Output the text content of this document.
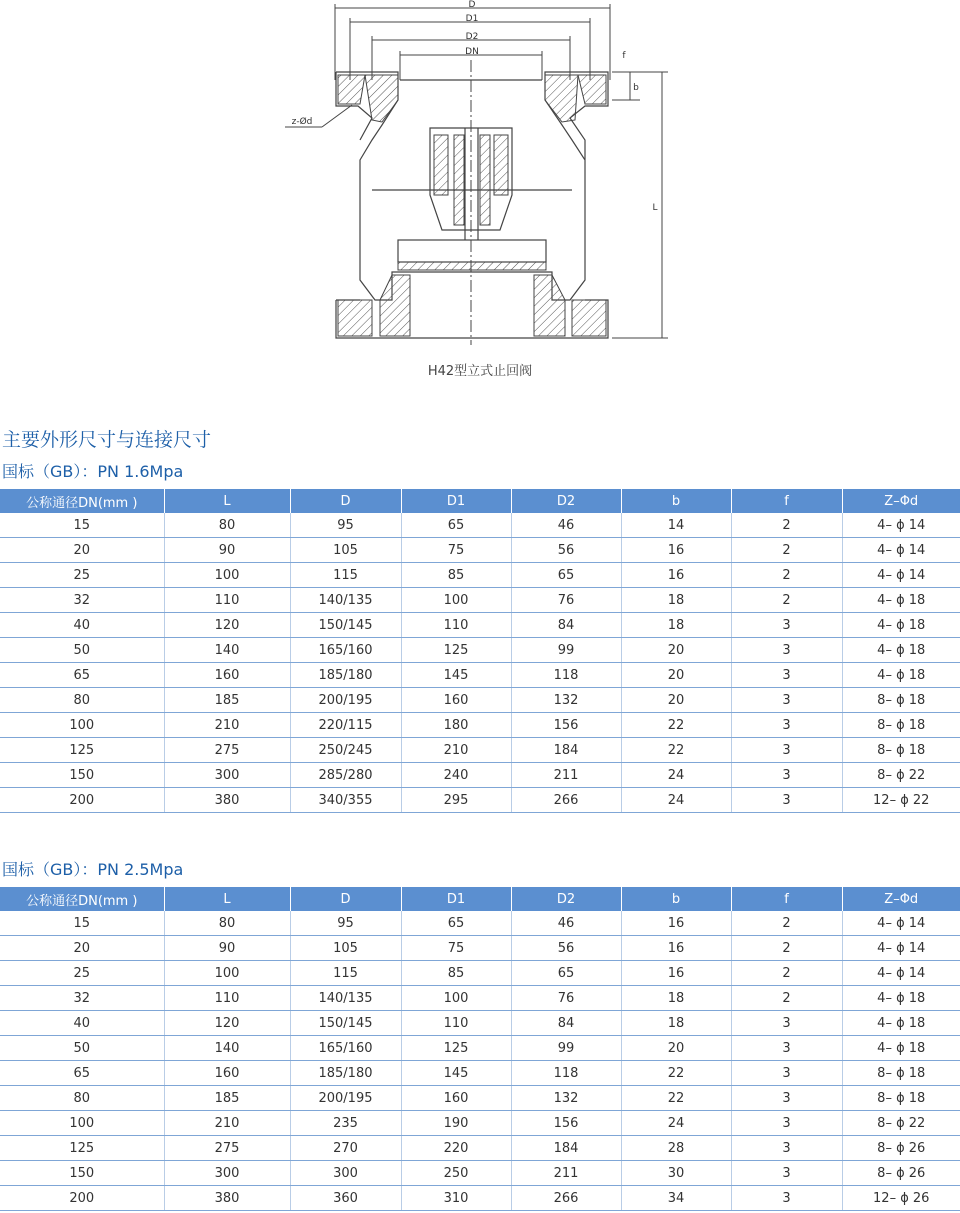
D
D1
D2
DN	f
b
L
z-Ød
H42型立式止回阀
主要外形尺寸与连接尺寸
国标（GB）：PN 1.6Mpa
公称通径DN(mm )	L	D	D1	D2	b	f	Z–Φd
15	80	95	65	46	14	2	4– ϕ 14
20	90	105	75	56	16	2	4– ϕ 14
25	100	115	85	65	16	2	4– ϕ 14
32	110	140/135	100	76	18	2	4– ϕ 18
40	120	150/145	110	84	18	3	4– ϕ 18
50	140	165/160	125	99	20	3	4– ϕ 18
65	160	185/180	145	118	20	3	4– ϕ 18
80	185	200/195	160	132	20	3	8– ϕ 18
100	210	220/115	180	156	22	3	8– ϕ 18
125	275	250/245	210	184	22	3	8– ϕ 18
150	300	285/280	240	211	24	3	8– ϕ 22
200	380	340/355	295	266	24	3	12– ϕ 22
国标（GB）：PN 2.5Mpa
公称通径DN(mm )	L	D	D1	D2	b	f	Z–Φd
15	80	95	65	46	16	2	4– ϕ 14
20	90	105	75	56	16	2	4– ϕ 14
25	100	115	85	65	16	2	4– ϕ 14
32	110	140/135	100	76	18	2	4– ϕ 18
40	120	150/145	110	84	18	3	4– ϕ 18
50	140	165/160	125	99	20	3	4– ϕ 18
65	160	185/180	145	118	22	3	8– ϕ 18
80	185	200/195	160	132	22	3	8– ϕ 18
100	210	235	190	156	24	3	8– ϕ 22
125	275	270	220	184	28	3	8– ϕ 26
150	300	300	250	211	30	3	8– ϕ 26
200	380	360	310	266	34	3	12– ϕ 26
